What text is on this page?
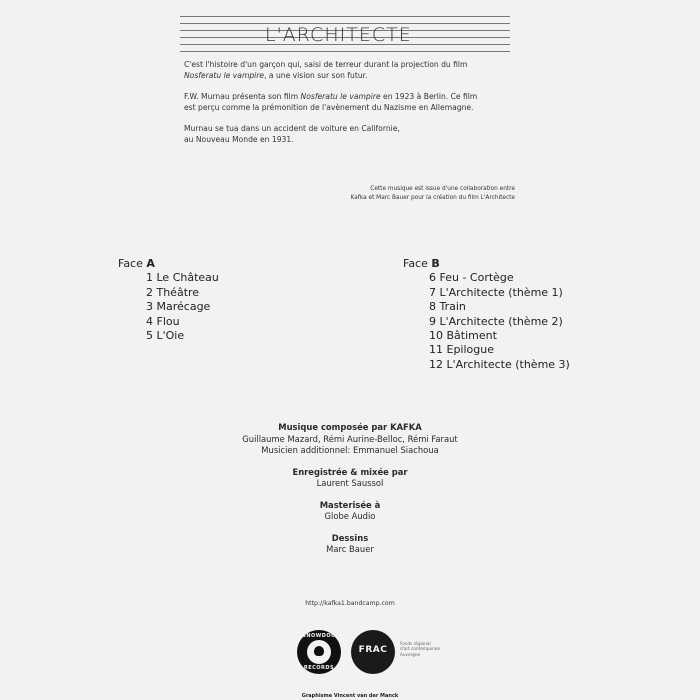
L'ARCHITECTE

C'est l'histoire d'un garçon qui, saisi de terreur durant la projection du film
Nosferatu le vampire, a une vision sur son futur.

F.W. Murnau présenta son film Nosferatu le vampire en 1923 à Berlin. Ce film
est perçu comme la prémonition de l'avènement du Nazisme en Allemagne.

Murnau se tua dans un accident de voiture en Californie,
au Nouveau Monde en 1931.

Cette musique est issue d'une collaboration entre
Kafka et Marc Bauer pour la création du film L'Architecte
Face A
1 Le Château
2 Théâtre
3 Marécage
4 Flou
5 L'Oie
Face B
6 Feu - Cortège
7 L'Architecte (thème 1)
8 Train
9 L'Architecte (thème 2)
10 Bâtiment
11 Epilogue
12 L'Architecte (thème 3)
Musique composée par KAFKA
Guillaume Mazard, Rémi Aurine-Belloc, Rémi Faraut
Musicien additionnel: Emmanuel Siachoua
Enregistrée & mixée par
Laurent Saussol
Masterisée à
Globe Audio
Dessins
Marc Bauer
http://kafka1.bandcamp.com
SNOWDOG
RECORDS
FRAC
Fonds régional
d'art contemporain
Auvergne
Graphisme Vincent van der Manck
